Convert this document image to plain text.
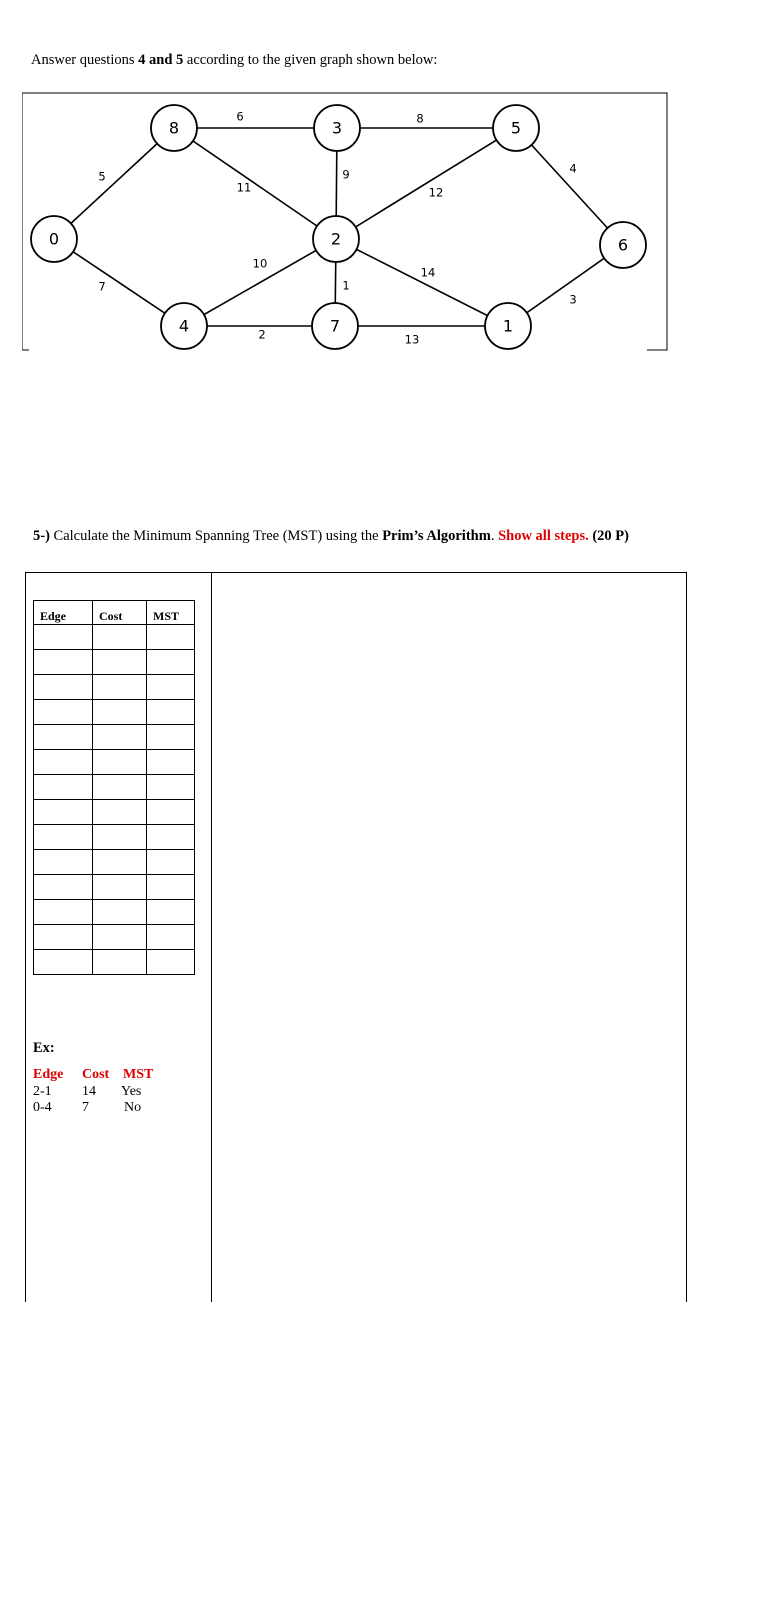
Answer questions 4 and 5 according to the given graph shown below:
5
7
6
11
8
9
12
4
10
1
14
3
2	13
0
1
2
3
4
5
6
7
8
5-) Calculate the Minimum Spanning Tree (MST) using the Prim’s Algorithm. Show all steps. (20 P)
Edge	Cost	MST

Ex:
Edge Cost MST
2-1 14 Yes
0-4 7	No
